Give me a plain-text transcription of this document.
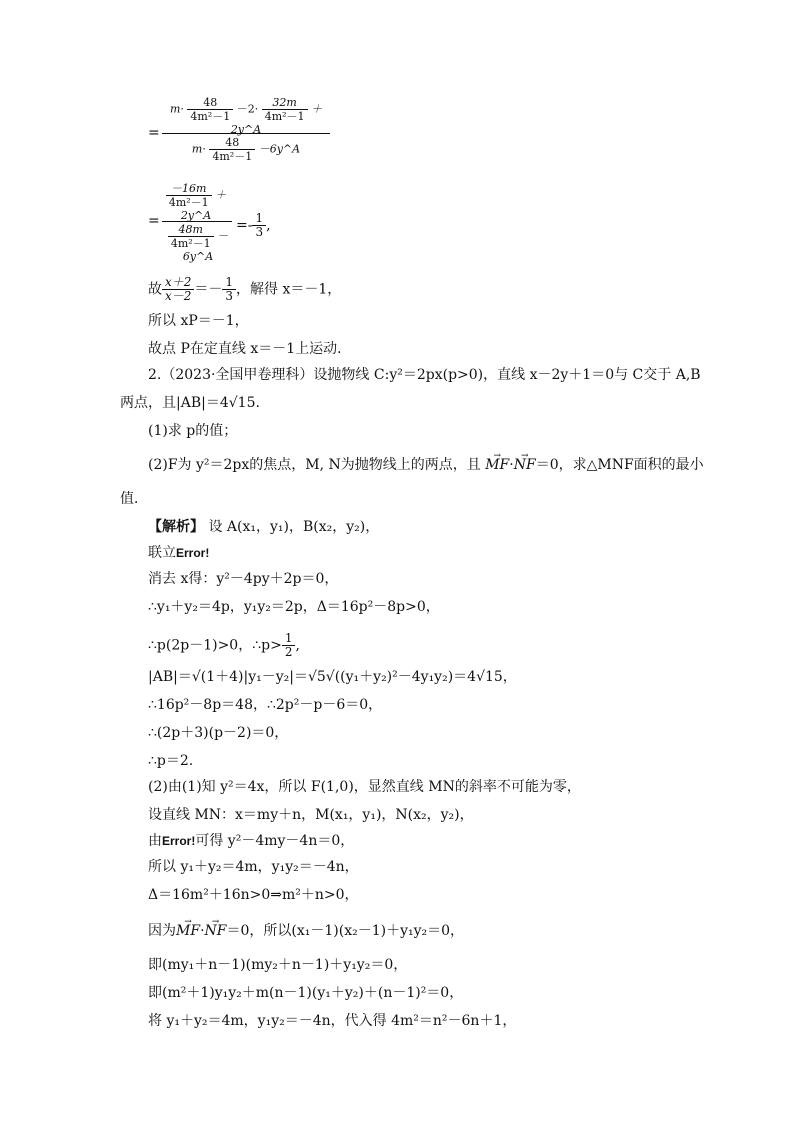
=
$m\cdot \frac{48}{\text{4m²－1}} -2\cdot \frac{32m}{\text{4m²－1}}$ ＋2y^A
$m\cdot \frac{48}{\text{4m²－1}}$ －6y^A
=
$\frac{-16m}{\text{4m²－1}}$ ＋2y^A
$\frac{48m}{\text{4m²－1}}$ －6y^A
=- $\frac{1}{3}$ ,
故 $\frac{x+2}{x-2} =- \frac{1}{3}$ ，解得 x＝－1，
所以 xP＝－1，
故点 P在定直线 x＝－1上运动．
2.（2023·全国甲卷理科）设抛物线 C:y²＝2px(p>0)，直线 x－2y＋1＝0与 C交于 A,B
两点，且|AB|＝4√15.
(1)求 p的值；
(2)F为 y²＝2px的焦点，M, N为抛物线上的两点，且 → MF·→ NF＝0，求△MNF面积的最小
值．
【解析】 设 A(x₁，y₁)，B(x₂，y₂)，
联立Error!
消去 x得：y²－4py＋2p＝0，
∴y₁＋y₂＝4p，y₁y₂＝2p，Δ＝16p²－8p>0，
∴p(2p－1)>0，∴p> $\frac{1}{2}$ ,
|AB|＝√(1＋4)|y₁－y₂|＝√5√((y₁＋y₂)²－4y₁y₂)＝4√15，
∴16p²－8p＝48，∴2p²－p－6＝0，
∴(2p＋3)(p－2)＝0，
∴p＝2.
(2)由(1)知 y²＝4x，所以 F(1,0)，显然直线 MN的斜率不可能为零，
设直线 MN：x＝my＋n，M(x₁，y₁)，N(x₂，y₂)，
由Error!可得 y²－4my－4n＝0，
所以 y₁＋y₂＝4m，y₁y₂＝－4n，
Δ＝16m²＋16n>0⇒m²＋n>0，
因为→ MF·→ NF＝0，所以(x₁－1)(x₂－1)＋y₁y₂＝0，
即(my₁＋n－1)(my₂＋n－1)＋y₁y₂＝0，
即(m²＋1)y₁y₂＋m(n－1)(y₁＋y₂)＋(n－1)²＝0，
将 y₁＋y₂＝4m，y₁y₂＝－4n，代入得 4m²＝n²－6n＋1，
